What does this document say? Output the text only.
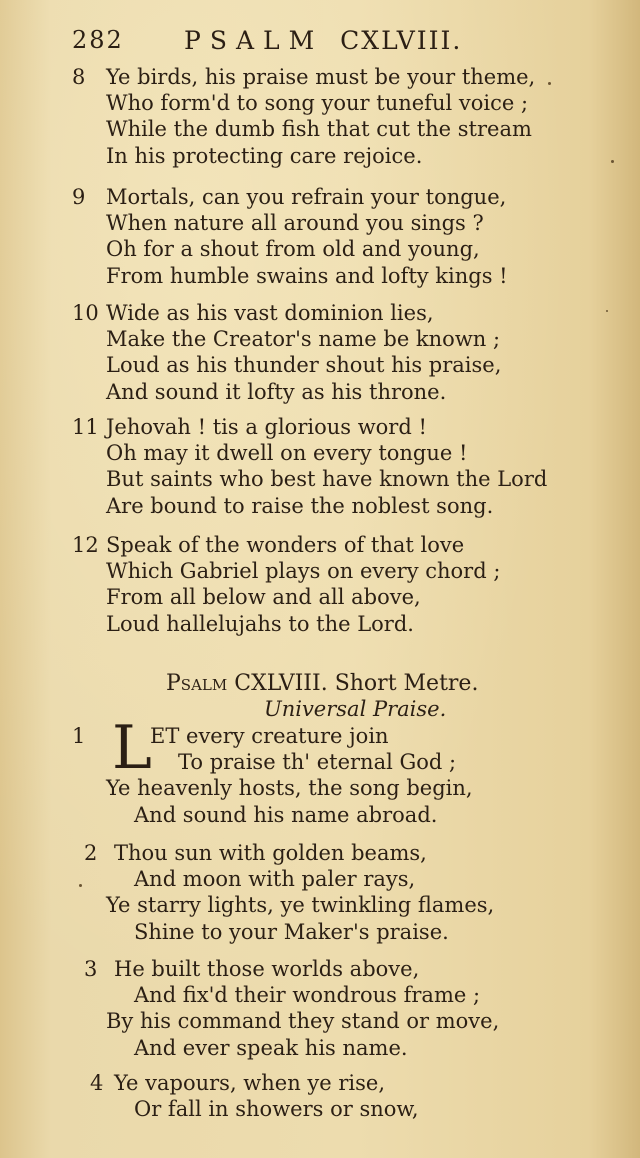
282 PSALM CXLVIII.
8 Ye birds, his praise must be your theme,
Who form'd to song your tuneful voice ;
While the dumb fish that cut the stream
In his protecting care rejoice.
9 Mortals, can you refrain your tongue,
When nature all around you sings ?
Oh for a shout from old and young,
From humble swains and lofty kings !
10 Wide as his vast dominion lies,
Make the Creator's name be known ;
Loud as his thunder shout his praise,
And sound it lofty as his throne.
11 Jehovah ! tis a glorious word !
Oh may it dwell on every tongue !
But saints who best have known the Lord
Are bound to raise the noblest song.
12 Speak of the wonders of that love
Which Gabriel plays on every chord ;
From all below and all above,
Loud hallelujahs to the Lord.
Psalm CXLVIII. Short Metre.
Universal Praise.
L
1	ET every creature join
To praise th' eternal God ;
Ye heavenly hosts, the song begin,
And sound his name abroad.
2 Thou sun with golden beams,
And moon with paler rays,
Ye starry lights, ye twinkling flames,
Shine to your Maker's praise.
3 He built those worlds above,
And fix'd their wondrous frame ;
By his command they stand or move,
And ever speak his name.
4 Ye vapours, when ye rise,
Or fall in showers or snow,
